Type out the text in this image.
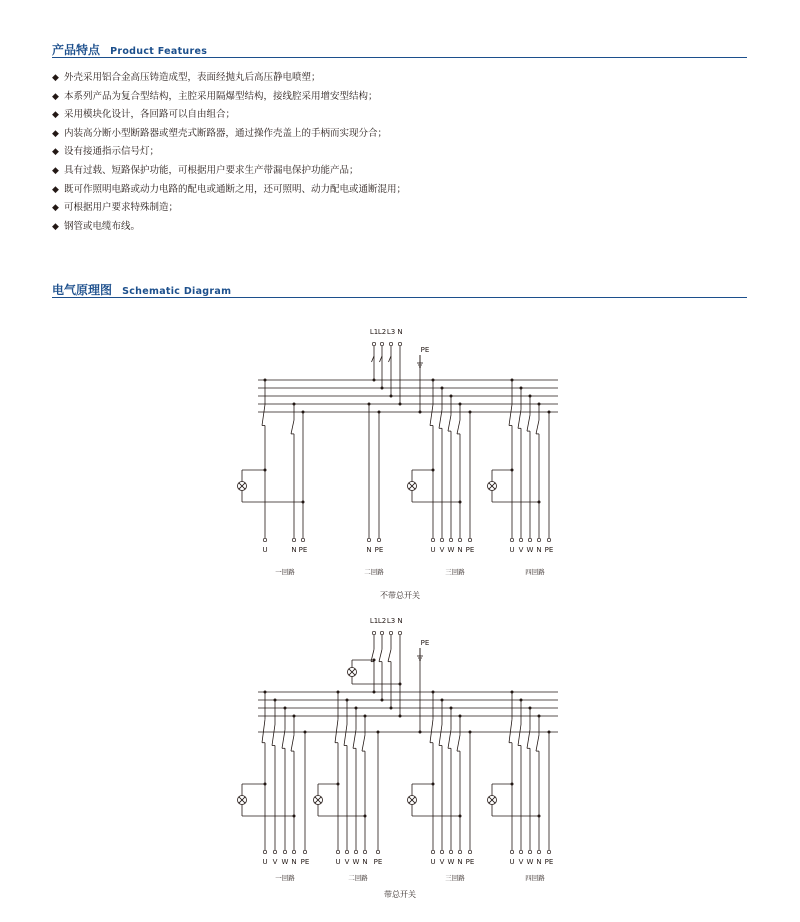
产品特点 Product Features
◆ 外壳采用铝合金高压铸造成型，表面经抛丸后高压静电喷塑；
◆ 本系列产品为复合型结构，主腔采用隔爆型结构，接线腔采用增安型结构；
◆ 采用模块化设计，各回路可以自由组合；
◆ 内装高分断小型断路器或塑壳式断路器，通过操作壳盖上的手柄而实现分合；
◆ 设有接通指示信号灯；
◆ 具有过载、短路保护功能，可根据用户要求生产带漏电保护功能产品；
◆ 既可作照明电路或动力电路的配电或通断之用，还可照明、动力配电或通断混用；
◆ 可根据用户要求特殊制造；
◆ 钢管或电缆布线。
电气原理图 Schematic Diagram
L1 L2 L3 N
PE
U	N PE
一回路
N PE
二回路
U V W N PE
三回路
U V W N PE
四回路
不带总开关
L1 L2 L3 N
PE
U V W N PE
一回路
U V W N PE
二回路
U V W N PE
三回路
U V W N PE
四回路
带总开关
